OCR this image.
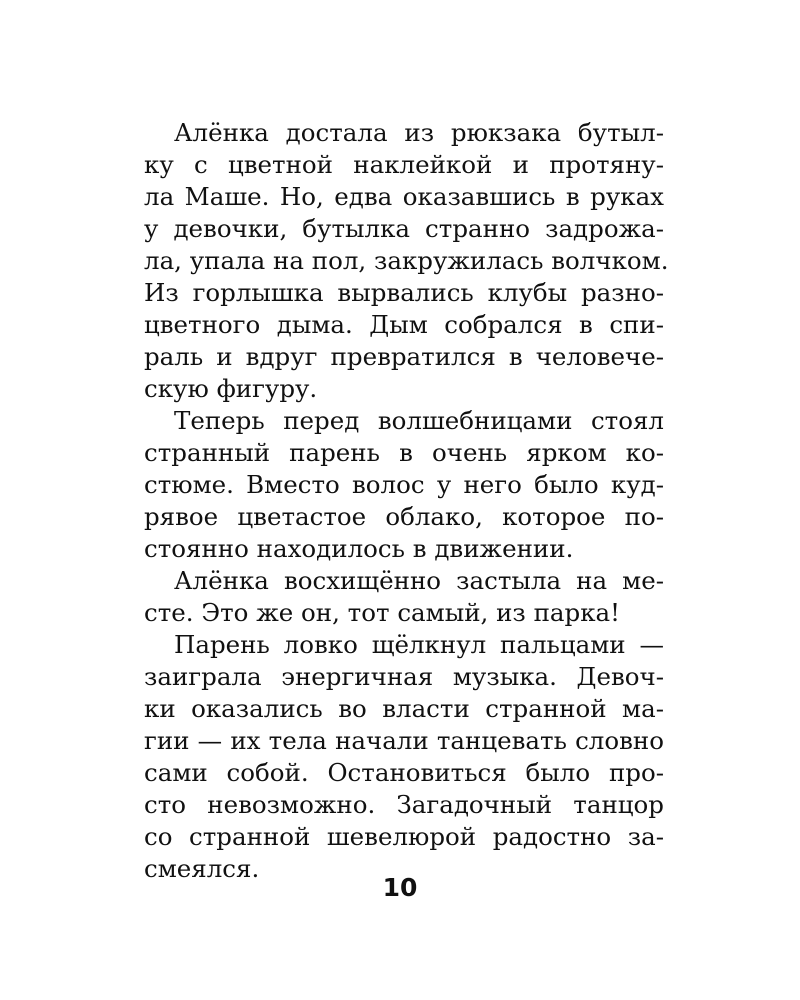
Алёнка достала из рюкзака бутыл-
ку с цветной наклейкой и протяну-
ла Маше. Но, едва оказавшись в руках
у девочки, бутылка странно задрожа-
ла, упала на пол, закружилась волчком.
Из горлышка вырвались клубы разно-
цветного дыма. Дым собрался в спи-
раль и вдруг превратился в человече-
скую фигуру.
Теперь перед волшебницами стоял
странный парень в очень ярком ко-
стюме. Вместо волос у него было куд-
рявое цветастое облако, которое по-
стоянно находилось в движении.
Алёнка восхищённо застыла на ме-
сте. Это же он, тот самый, из парка!
Парень ловко щёлкнул пальцами —
заиграла энергичная музыка. Девоч-
ки оказались во власти странной ма-
гии — их тела начали танцевать словно
сами собой. Остановиться было про-
сто невозможно. Загадочный танцор
со странной шевелюрой радостно за-
смеялся.
10
